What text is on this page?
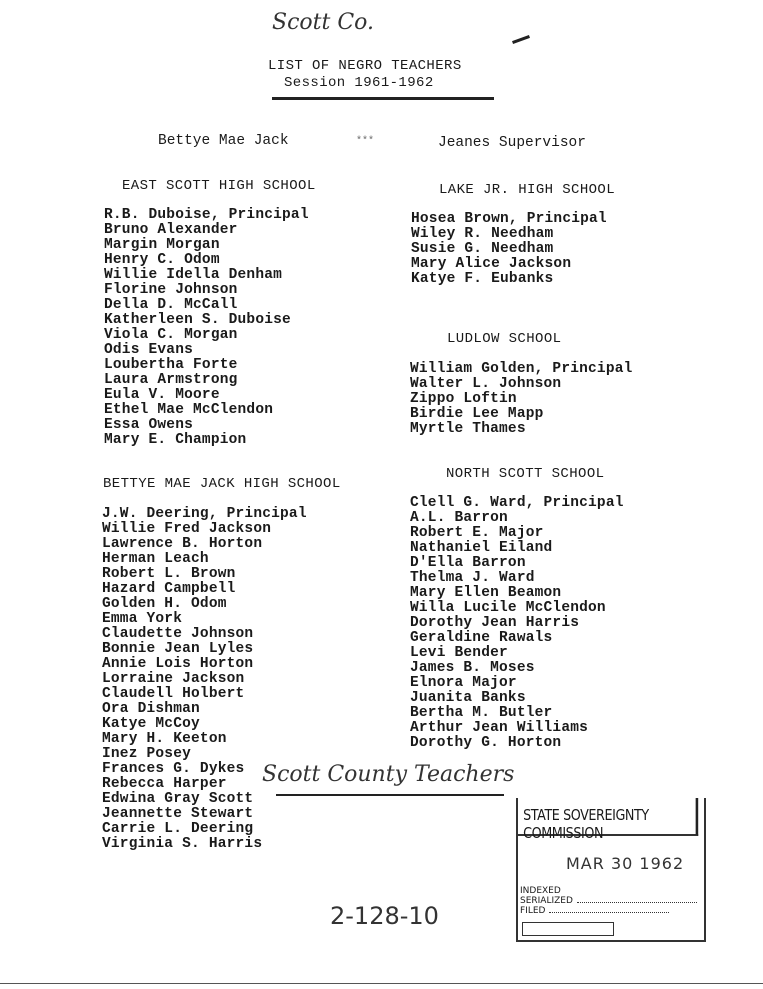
Scott Co.
LIST OF NEGRO TEACHERS
Session 1961-1962
Bettye Mae Jack	***	Jeanes Supervisor
EAST SCOTT HIGH SCHOOL
R.B. Duboise, Principal
Bruno Alexander
Margin Morgan
Henry C. Odom
Willie Idella Denham
Florine Johnson
Della D. McCall
Katherleen S. Duboise
Viola C. Morgan
Odis Evans
Loubertha Forte
Laura Armstrong
Eula V. Moore
Ethel Mae McClendon
Essa Owens
Mary E. Champion
BETTYE MAE JACK HIGH SCHOOL
J.W. Deering, Principal
Willie Fred Jackson
Lawrence B. Horton
Herman Leach
Robert L. Brown
Hazard Campbell
Golden H. Odom
Emma York
Claudette Johnson
Bonnie Jean Lyles
Annie Lois Horton
Lorraine Jackson
Claudell Holbert
Ora Dishman
Katye McCoy
Mary H. Keeton
Inez Posey
Frances G. Dykes
Rebecca Harper
Edwina Gray Scott
Jeannette Stewart
Carrie L. Deering
Virginia S. Harris
LAKE JR. HIGH SCHOOL
Hosea Brown, Principal
Wiley R. Needham
Susie G. Needham
Mary Alice Jackson
Katye F. Eubanks
LUDLOW SCHOOL
William Golden, Principal
Walter L. Johnson
Zippo Loftin
Birdie Lee Mapp
Myrtle Thames
NORTH SCOTT SCHOOL
Clell G. Ward, Principal
A.L. Barron
Robert E. Major
Nathaniel Eiland
D'Ella Barron
Thelma J. Ward
Mary Ellen Beamon
Willa Lucile McClendon
Dorothy Jean Harris
Geraldine Rawals
Levi Bender
James B. Moses
Elnora Major
Juanita Banks
Bertha M. Butler
Arthur Jean Williams
Dorothy G. Horton
Scott County Teachers
2-128-10
STATE SOVEREIGNTY COMMISSION
MAR 30 1962
INDEXED
SERIALIZED
FILED
